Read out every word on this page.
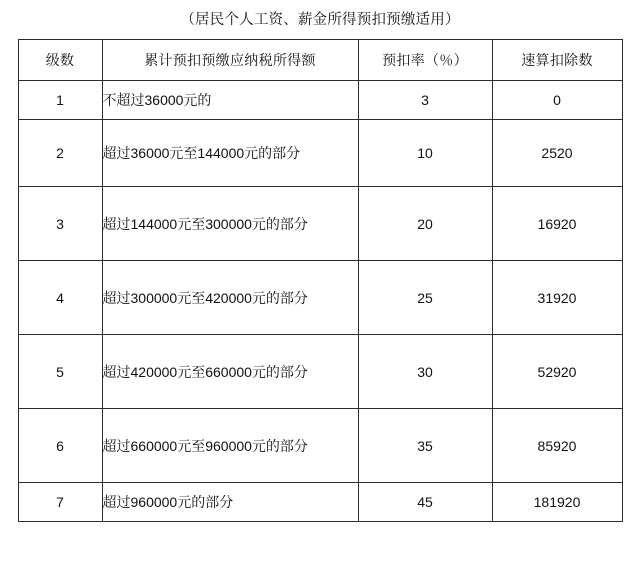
（居民个人工资、薪金所得预扣预缴适用）
级数	累计预扣预缴应纳税所得额	预扣率（％）	速算扣除数
1	不超过36000元的	3	0
2	超过36000元至144000元的部分	10	2520
3	超过144000元至300000元的部分	20	16920
4	超过300000元至420000元的部分	25	31920
5	超过420000元至660000元的部分	30	52920
6	超过660000元至960000元的部分	35	85920
7	超过960000元的部分	45	181920
